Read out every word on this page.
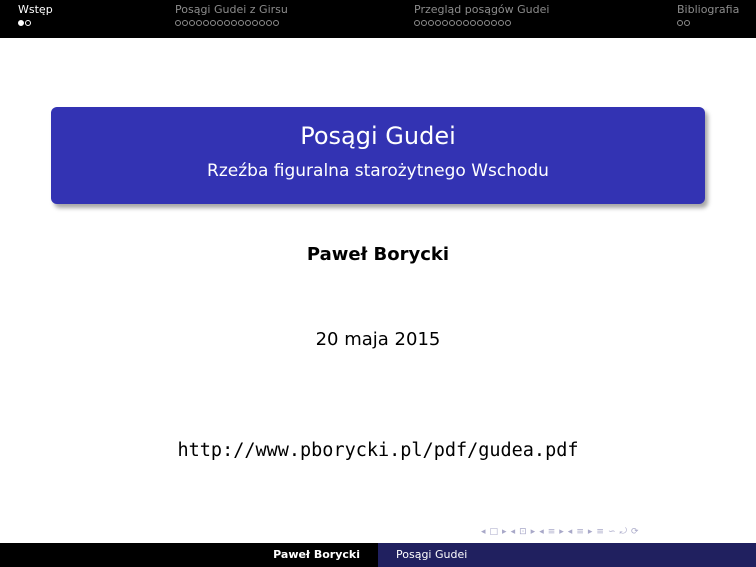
Wstęp	Posągi Gudei z Girsu	Przegląd posągów Gudei	Bibliografia
Posągi Gudei
Rzeźba figuralna starożytnego Wschodu
Paweł Borycki
20 maja 2015
http://www.pborycki.pl/pdf/gudea.pdf
◂ □ ▸ ◂ ⊡ ▸ ◂ ≡ ▸ ◂ ≡ ▸ ≡ ∽ ⤾ ⟳
Paweł Borycki	Posągi Gudei
